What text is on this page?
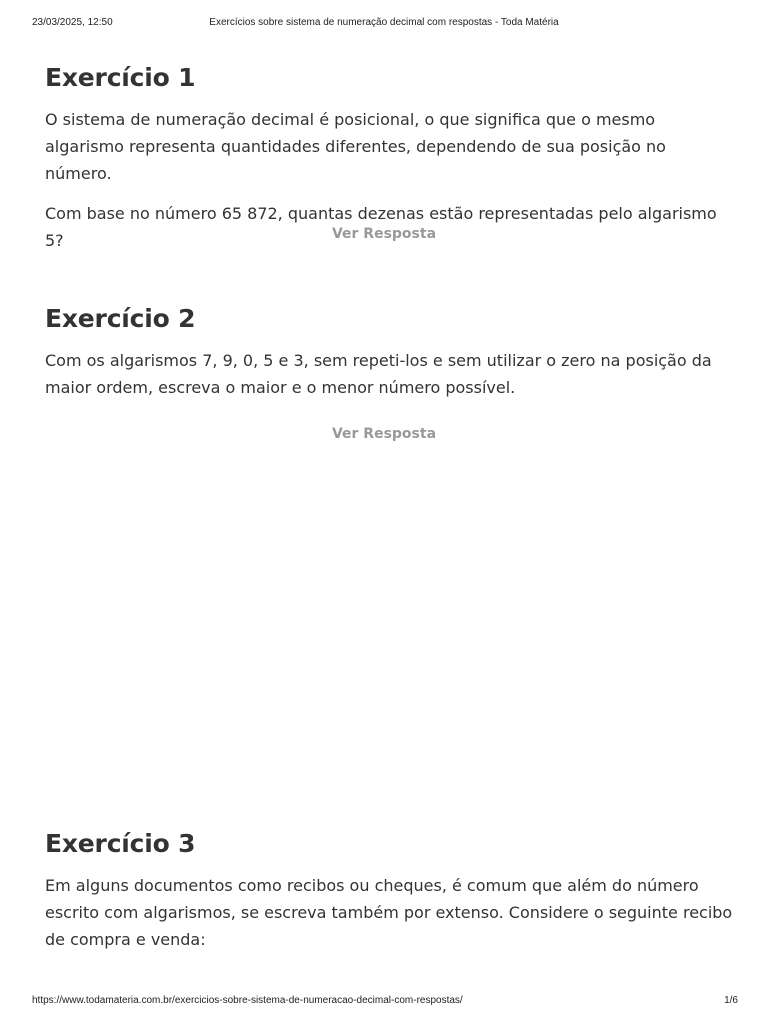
23/03/2025, 12:50	Exercícios sobre sistema de numeração decimal com respostas - Toda Matéria
Exercício 1

O sistema de numeração decimal é posicional, o que significa que o mesmo algarismo representa quantidades diferentes, dependendo de sua posição no número.

Com base no número 65 872, quantas dezenas estão representadas pelo algarismo 5?	Ver Resposta
Exercício 2

Com os algarismos 7, 9, 0, 5 e 3, sem repeti-los e sem utilizar o zero na posição da maior ordem, escreva o maior e o menor número possível.

Ver Resposta
Exercício 3

Em alguns documentos como recibos ou cheques, é comum que além do número escrito com algarismos, se escreva também por extenso. Considere o seguinte recibo de compra e venda:

https://www.todamateria.com.br/exercicios-sobre-sistema-de-numeracao-decimal-com-respostas/	1/6
